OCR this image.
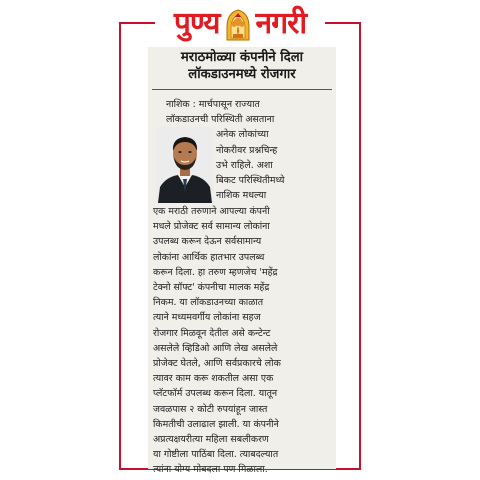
पुण्य नगरी
मराठमोळ्या कंपनीने दिला
लॉकडाउनमध्ये रोजगार
नाशिक : मार्चपासून राज्यात
लॉकडाउनची परिस्थिती असताना
अनेक लोकांच्या
नोकरीवर प्रश्नचिन्ह
उभे राहिले. अशा
बिकट परिस्थितीमध्ये
नाशिक मधल्या
एक मराठी तरुणाने आपल्या कंपनी
मधले प्रोजेक्ट सर्व सामान्य लोकांना
उपलब्ध करून देऊन सर्वसामान्य
लोकांना आर्थिक हातभार उपलब्ध
करून दिला. हा तरुण म्हणजेच 'महेंद्र
टेक्नो सॉफ्ट' कंपनीचा मालक महेंद्र
निकम. या लॉकडाउनच्या काळात
त्याने मध्यमवर्गीय लोकांना सहज
रोजगार मिळवून देतील असे कन्टेन्ट
असलेले व्हिडिओ आणि लेख असलेले
प्रोजेक्ट घेतले, आणि सर्वप्रकारचे लोक
त्यावर काम करू शकतील असा एक
प्लॅटफॉर्म उपलब्ध करून दिला. यातून
जवळपास २ कोटी रुपयांहून जास्त
किमतीची उलाढाल झाली. या कंपनीने
अप्रत्यक्षयरीत्या महिला सबलीकरण
या गोष्टीला पाठिंबा दिला. त्याबदल्यात
त्यांना योग्य मोबदला पण मिळाला.
